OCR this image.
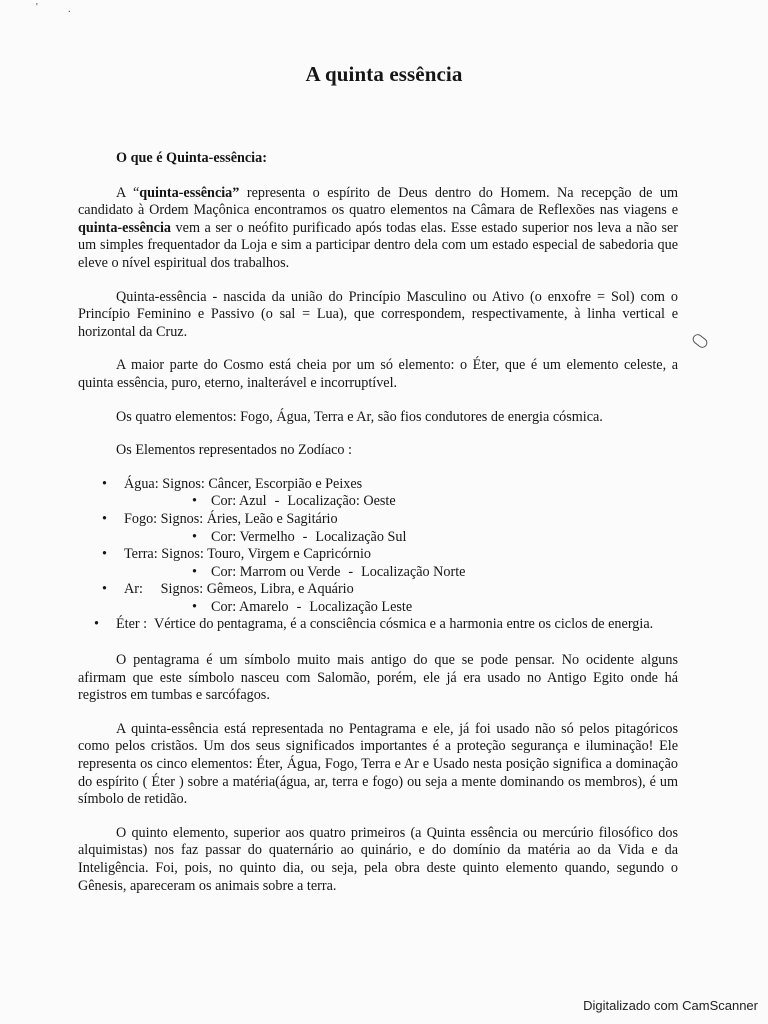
'	.
A quinta essência
O que é Quinta-essência:

A “quinta-essência” representa o espírito de Deus dentro do Homem. Na recepção de um candidato à Ordem Maçônica encontramos os quatro elementos na Câmara de Reflexões nas viagens e quinta-essência vem a ser o neófito purificado após todas elas. Esse estado superior nos leva a não ser um simples frequentador da Loja e sim a participar dentro dela com um estado especial de sabedoria que eleve o nível espiritual dos trabalhos.

Quinta-essência - nascida da união do Princípio Masculino ou Ativo (o enxofre = Sol) com o Princípio Feminino e Passivo (o sal = Lua), que correspondem, respectivamente, à linha vertical e horizontal da Cruz.

A maior parte do Cosmo está cheia por um só elemento: o Éter, que é um elemento celeste, a quinta essência, puro, eterno, inalterável e incorruptível.

Os quatro elementos: Fogo, Água, Terra e Ar, são fios condutores de energia cósmica.

Os Elementos representados no Zodíaco :

• Água: Signos: Câncer, Escorpião e Peixes
• Cor: Azul - Localização: Oeste
• Fogo: Signos: Áries, Leão e Sagitário
• Cor: Vermelho - Localização Sul
• Terra: Signos: Touro, Virgem e Capricórnio
• Cor: Marrom ou Verde - Localização Norte
• Ar:     Signos: Gêmeos, Libra, e Aquário
• Cor: Amarelo - Localização Leste
• Éter :  Vértice do pentagrama, é a consciência cósmica e a harmonia entre os ciclos de energia.

O pentagrama é um símbolo muito mais antigo do que se pode pensar. No ocidente alguns afirmam que este símbolo nasceu com Salomão, porém, ele já era usado no Antigo Egito onde há registros em tumbas e sarcófagos.

A quinta-essência está representada no Pentagrama e ele, já foi usado não só pelos pitagóricos como pelos cristãos. Um dos seus significados importantes é a proteção segurança e iluminação! Ele representa os cinco elementos: Éter, Água, Fogo, Terra e Ar e Usado nesta posição significa a dominação do espírito ( Éter ) sobre a matéria(água, ar, terra e fogo) ou seja a mente dominando os membros), é um símbolo de retidão.

O quinto elemento, superior aos quatro primeiros (a Quinta essência ou mercúrio filosófico dos alquimistas) nos faz passar do quaternário ao quinário, e do domínio da matéria ao da Vida e da Inteligência. Foi, pois, no quinto dia, ou seja, pela obra deste quinto elemento quando, segundo o Gênesis, apareceram os animais sobre a terra.

Digitalizado com CamScanner
